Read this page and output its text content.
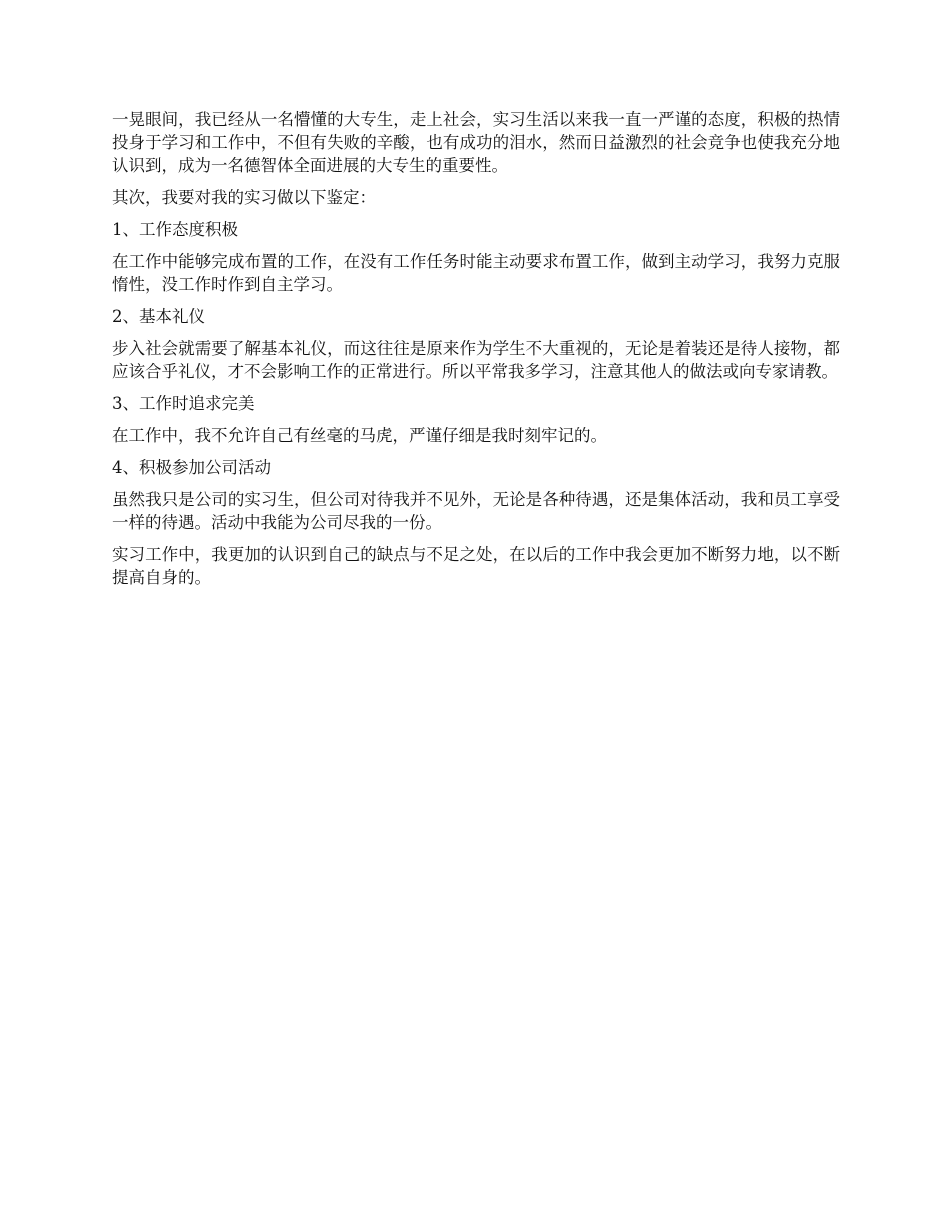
一晃眼间，我已经从一名懵懂的大专生，走上社会，实习生活以来我一直一严谨的态度，积极的热情投身于学习和工作中，不但有失败的辛酸，也有成功的泪水，然而日益激烈的社会竞争也使我充分地认识到，成为一名德智体全面进展的大专生的重要性。

其次，我要对我的实习做以下鉴定：

1、工作态度积极

在工作中能够完成布置的工作，在没有工作任务时能主动要求布置工作，做到主动学习，我努力克服惰性，没工作时作到自主学习。

2、基本礼仪

步入社会就需要了解基本礼仪，而这往往是原来作为学生不大重视的，无论是着装还是待人接物，都应该合乎礼仪，才不会影响工作的正常进行。所以平常我多学习，注意其他人的做法或向专家请教。

3、工作时追求完美

在工作中，我不允许自己有丝毫的马虎，严谨仔细是我时刻牢记的。

4、积极参加公司活动

虽然我只是公司的实习生，但公司对待我并不见外，无论是各种待遇，还是集体活动，我和员工享受一样的待遇。活动中我能为公司尽我的一份。

实习工作中，我更加的认识到自己的缺点与不足之处，在以后的工作中我会更加不断努力地，以不断提高自身的。
